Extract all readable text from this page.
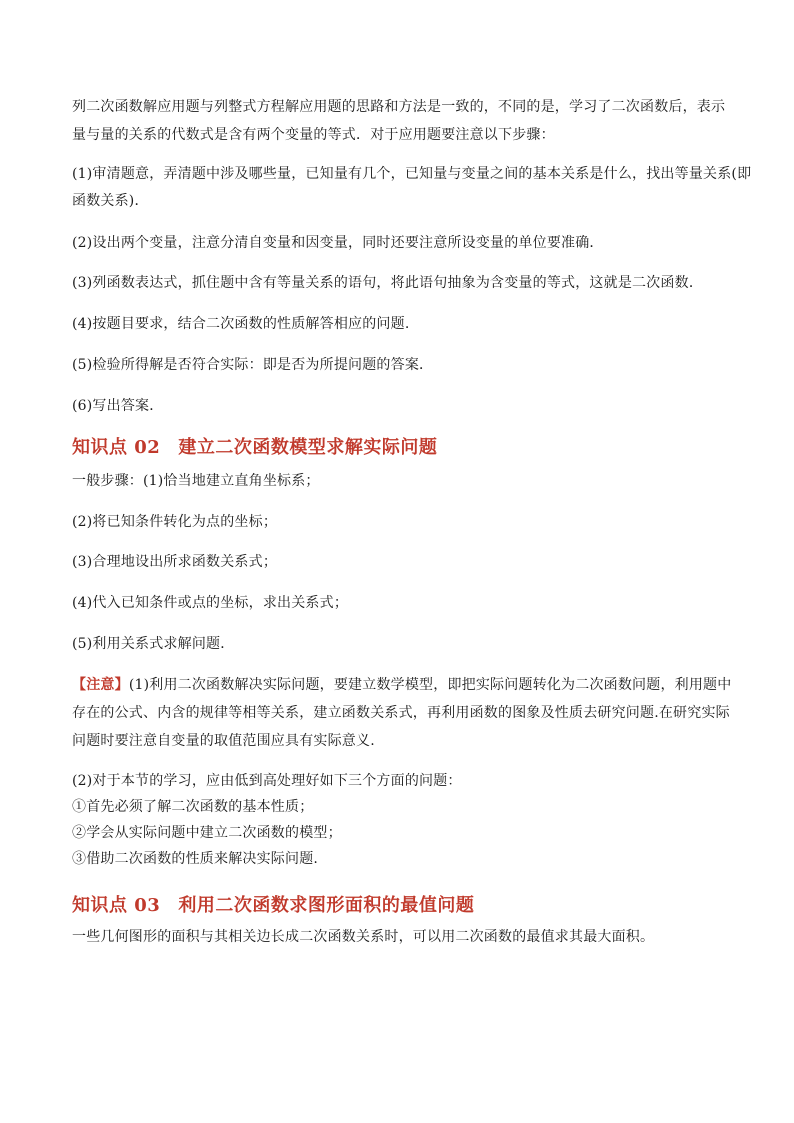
列二次函数解应用题与列整式方程解应用题的思路和方法是一致的，不同的是，学习了二次函数后，表示
量与量的关系的代数式是含有两个变量的等式．对于应用题要注意以下步骤：
(1)审清题意，弄清题中涉及哪些量，已知量有几个，已知量与变量之间的基本关系是什么，找出等量关系(即
函数关系)．
(2)设出两个变量，注意分清自变量和因变量，同时还要注意所设变量的单位要准确．
(3)列函数表达式，抓住题中含有等量关系的语句，将此语句抽象为含变量的等式，这就是二次函数．
(4)按题目要求，结合二次函数的性质解答相应的问题.
(5)检验所得解是否符合实际：即是否为所提问题的答案．
(6)写出答案．
知识点 02 建立二次函数模型求解实际问题
一般步骤：(1)恰当地建立直角坐标系；
(2)将已知条件转化为点的坐标；
(3)合理地设出所求函数关系式；
(4)代入已知条件或点的坐标，求出关系式；
(5)利用关系式求解问题．
【注意】(1)利用二次函数解决实际问题，要建立数学模型，即把实际问题转化为二次函数问题，利用题中
存在的公式、内含的规律等相等关系，建立函数关系式，再利用函数的图象及性质去研究问题.在研究实际
问题时要注意自变量的取值范围应具有实际意义.
(2)对于本节的学习，应由低到高处理好如下三个方面的问题：
①首先必须了解二次函数的基本性质；
②学会从实际问题中建立二次函数的模型；
③借助二次函数的性质来解决实际问题.
知识点 03 利用二次函数求图形面积的最值问题
一些几何图形的面积与其相关边长成二次函数关系时，可以用二次函数的最值求其最大面积。
